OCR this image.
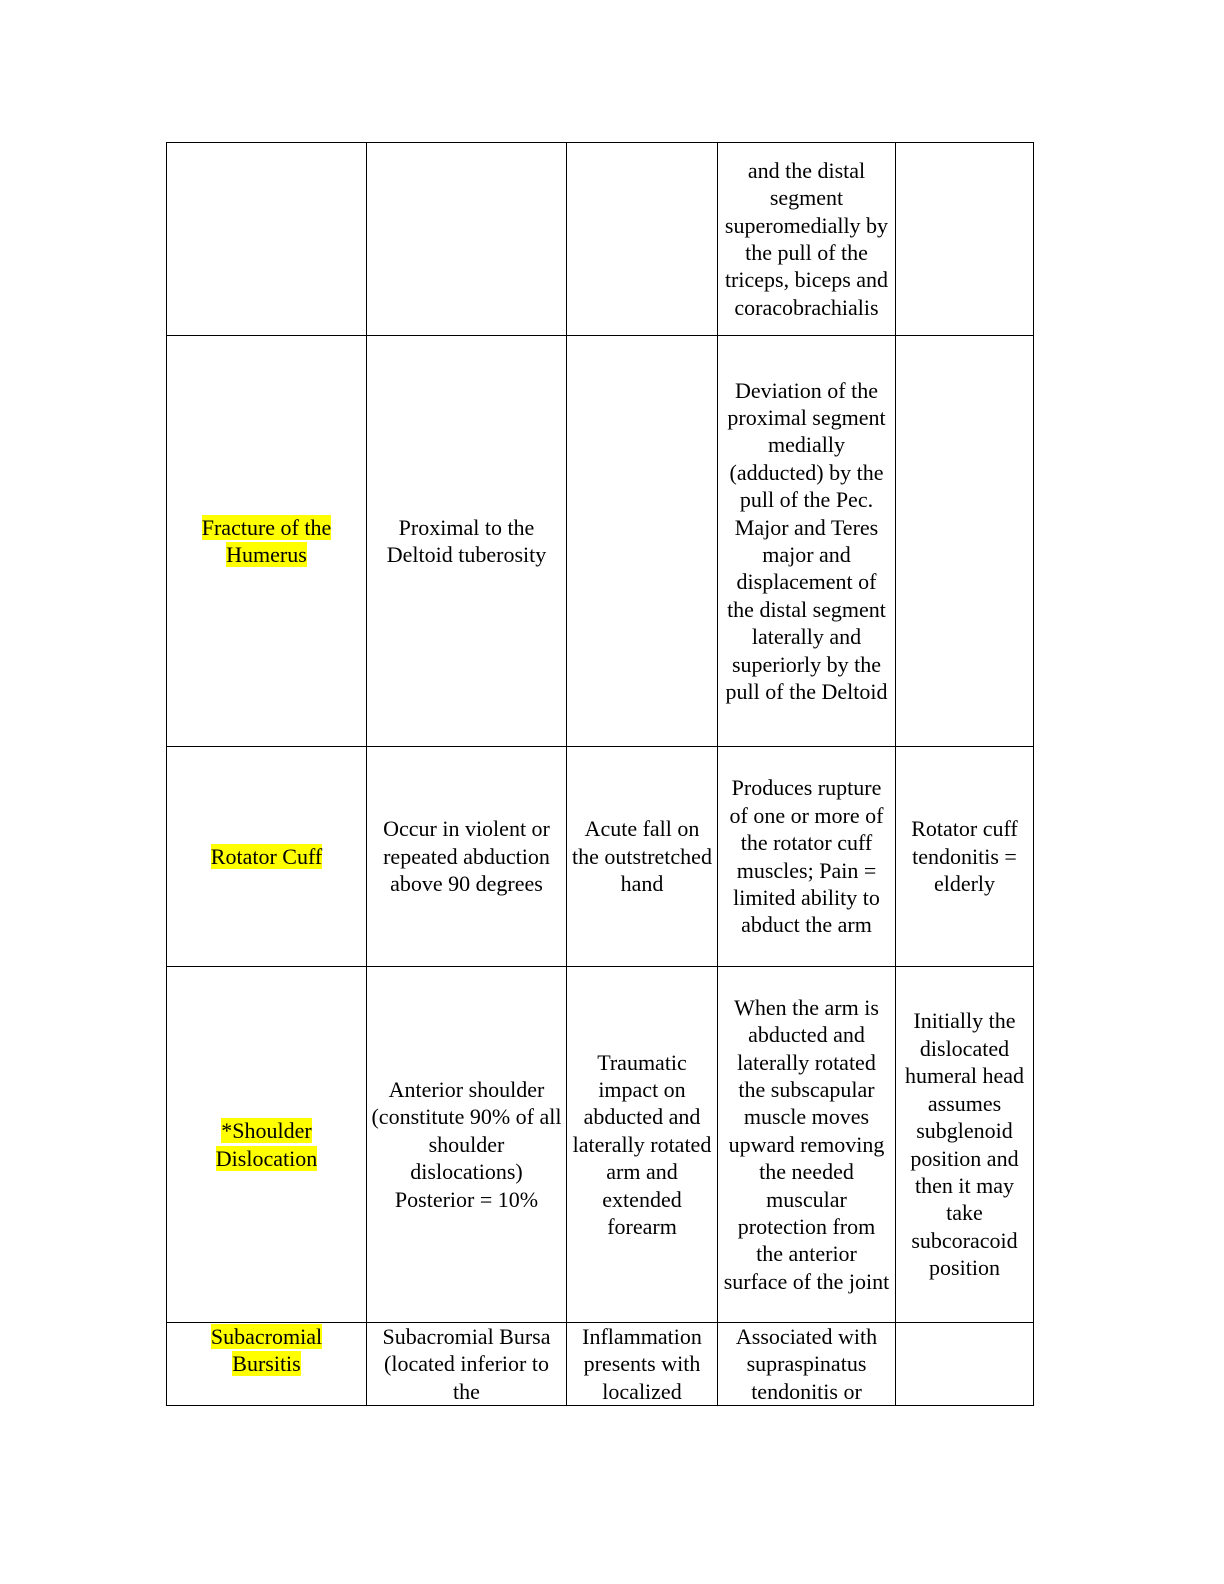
			and the distal segment superomedially by the pull of the triceps, biceps and coracobrachialis	

Fracture of the Humerus	Proximal to the Deltoid tuberosity		Deviation of the proximal segment medially (adducted) by the pull of the Pec. Major and Teres major and displacement of the distal segment laterally and superiorly by the pull of the Deltoid	

Rotator Cuff	Occur in violent or repeated abduction above 90 degrees	Acute fall on the outstretched hand	Produces rupture of one or more of the rotator cuff muscles; Pain = limited ability to abduct the arm	Rotator cuff tendonitis = elderly

*Shoulder Dislocation	Anterior shoulder (constitute 90% of all shoulder dislocations) Posterior = 10%	Traumatic impact on abducted and laterally rotated arm and extended forearm	When the arm is abducted and laterally rotated the subscapular muscle moves upward removing the needed muscular protection from the anterior surface of the joint	Initially the dislocated humeral head assumes subglenoid position and then it may take subcoracoid position

Subacromial Bursitis	Subacromial Bursa (located inferior to the	Inflammation presents with localized	Associated with supraspinatus tendonitis or	
